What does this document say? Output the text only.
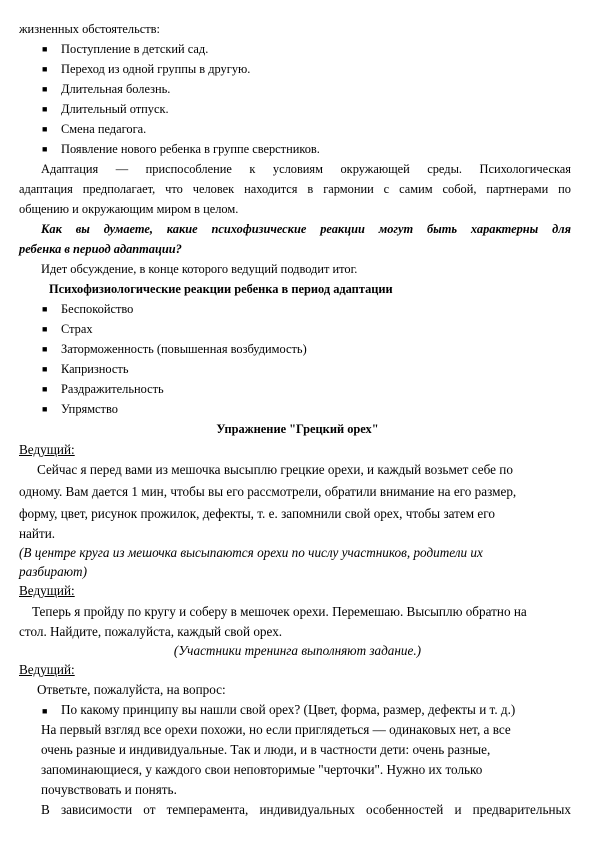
жизненных обстоятельств:
■ Поступление в детский сад.
■ Переход из одной группы в другую.
■ Длительная болезнь.
■ Длительный отпуск.
■ Смена педагога.
■ Появление нового ребенка в группе сверстников.
Адаптация — приспособление к условиям окружающей среды. Психологическая
адаптация предполагает, что человек находится в гармонии с самим собой, партнерами по
общению и окружающим миром в целом.
Как вы думаете, какие психофизические реакции могут быть характерны для
ребенка в период адаптации?
Идет обсуждение, в конце которого ведущий подводит итог.
Психофизиологические реакции ребенка в период адаптации
■ Беспокойство
■ Страх
■ Заторможенность (повышенная возбудимость)
■ Капризность
■ Раздражительность
■ Упрямство
Упражнение "Грецкий орех"
Ведущий:
Сейчас я перед вами из мешочка высыплю грецкие орехи, и каждый возьмет себе по
одному. Вам дается 1 мин, чтобы вы его рассмотрели, обратили внимание на его размер,
форму, цвет, рисунок прожилок, дефекты, т. е. запомнили свой орех, чтобы затем его
найти.
(В центре круга из мешочка высыпаются орехи по числу участников, родители их
разбирают)
Ведущий:
Теперь я пройду по кругу и соберу в мешочек орехи. Перемешаю. Высыплю обратно на
стол. Найдите, пожалуйста, каждый свой орех.
(Участники тренинга выполняют задание.)
Ведущий:
Ответьте, пожалуйста, на вопрос:
■ По какому принципу вы нашли свой орех? (Цвет, форма, размер, дефекты и т. д.)
На первый взгляд все орехи похожи, но если приглядеться — одинаковых нет, а все
очень разные и индивидуальные. Так и люди, и в частности дети: очень разные,
запоминающиеся, у каждого свои неповторимые "черточки". Нужно их только
почувствовать и понять.
В зависимости от темперамента, индивидуальных особенностей и предварительных
